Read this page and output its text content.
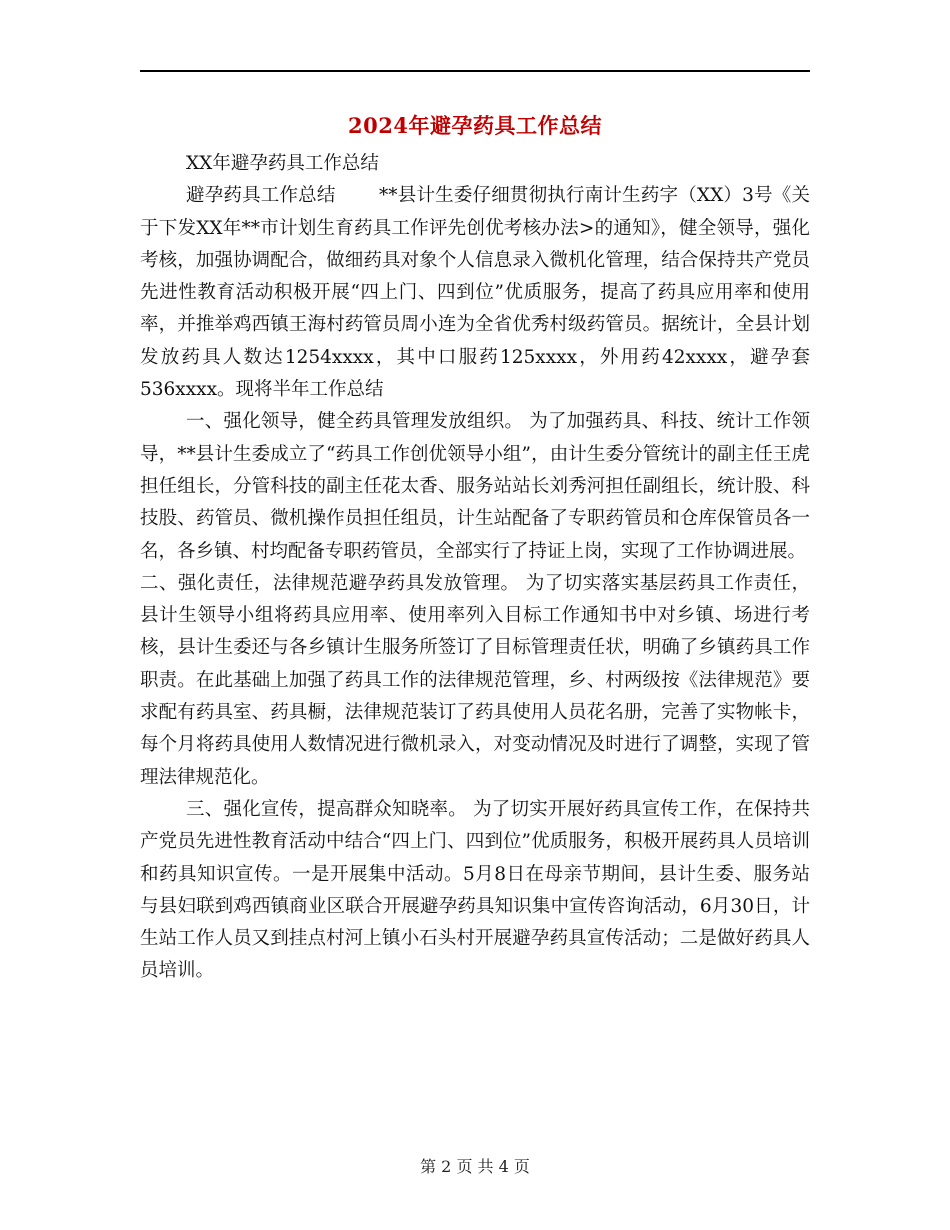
2024年避孕药具工作总结

XX年避孕药具工作总结

避孕药具工作总结　　 **县计生委仔细贯彻执行南计生药字（XX）3号《关于下发XX年**市计划生育药具工作评先创优考核办法>的通知》，健全领导，强化考核，加强协调配合，做细药具对象个人信息录入微机化管理，结合保持共产党员先进性教育活动积极开展“四上门、四到位”优质服务，提高了药具应用率和使用率，并推举鸡西镇王海村药管员周小连为全省优秀村级药管员。据统计，全县计划发放药具人数达1254xxxx，其中口服药125xxxx，外用药42xxxx，避孕套536xxxx。现将半年工作总结

一、强化领导，健全药具管理发放组织。 为了加强药具、科技、统计工作领导，**县计生委成立了“药具工作创优领导小组”，由计生委分管统计的副主任王虎担任组长，分管科技的副主任花太香、服务站站长刘秀河担任副组长，统计股、科技股、药管员、微机操作员担任组员，计生站配备了专职药管员和仓库保管员各一名，各乡镇、村均配备专职药管员，全部实行了持证上岗，实现了工作协调进展。

二、强化责任，法律规范避孕药具发放管理。 为了切实落实基层药具工作责任，县计生领导小组将药具应用率、使用率列入目标工作通知书中对乡镇、场进行考核，县计生委还与各乡镇计生服务所签订了目标管理责任状，明确了乡镇药具工作职责。在此基础上加强了药具工作的法律规范管理，乡、村两级按《法律规范》要求配有药具室、药具橱，法律规范装订了药具使用人员花名册，完善了实物帐卡，每个月将药具使用人数情况进行微机录入，对变动情况及时进行了调整，实现了管理法律规范化。

三、强化宣传，提高群众知晓率。 为了切实开展好药具宣传工作，在保持共产党员先进性教育活动中结合“四上门、四到位”优质服务，积极开展药具人员培训和药具知识宣传。一是开展集中活动。5月8日在母亲节期间，县计生委、服务站与县妇联到鸡西镇商业区联合开展避孕药具知识集中宣传咨询活动，6月30日，计生站工作人员又到挂点村河上镇小石头村开展避孕药具宣传活动；二是做好药具人员培训。

第 2 页 共 4 页
